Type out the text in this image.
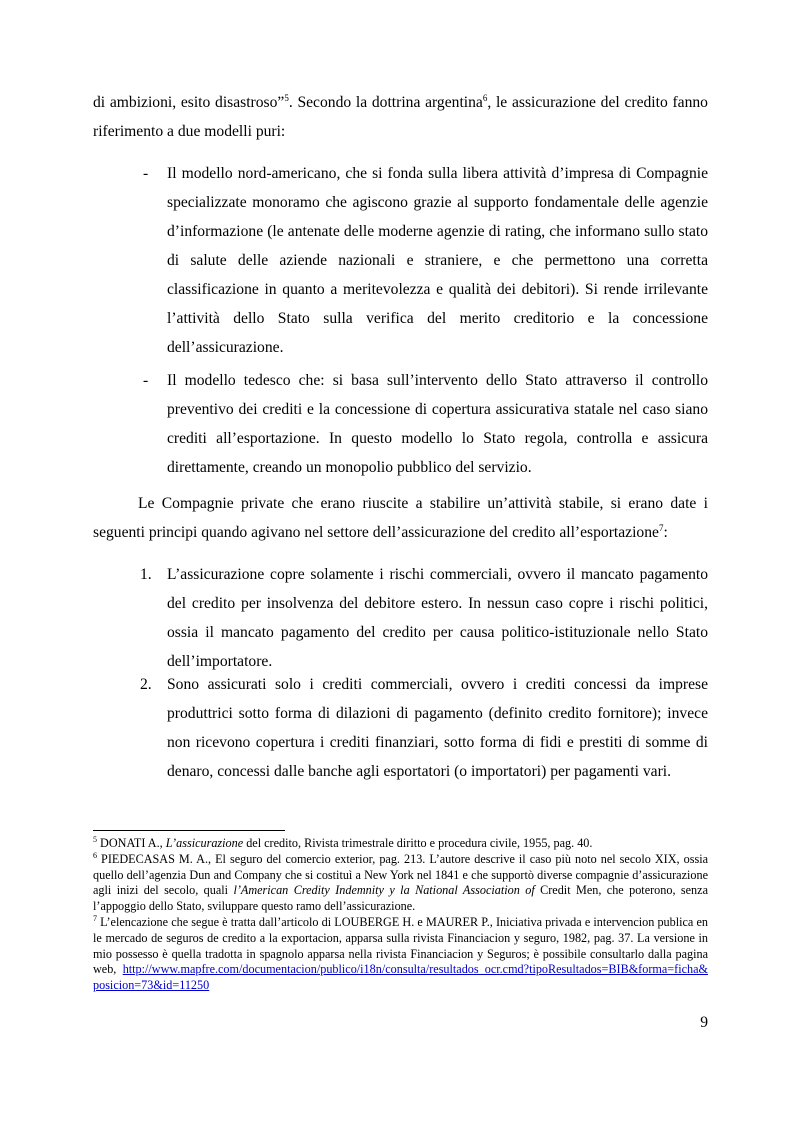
di ambizioni, esito disastroso”$^5$. Secondo la dottrina argentina$^6$, le assicurazione del credito fanno riferimento a due modelli puri:
- Il modello nord-americano, che si fonda sulla libera attività d’impresa di Compagnie specializzate monoramo che agiscono grazie al supporto fondamentale delle agenzie d’informazione (le antenate delle moderne agenzie di rating, che informano sullo stato di salute delle aziende nazionali e straniere, e che permettono una corretta classificazione in quanto a meritevolezza e qualità dei debitori). Si rende irrilevante l’attività dello Stato sulla verifica del merito creditorio e la concessione dell’assicurazione.
- Il modello tedesco che: si basa sull’intervento dello Stato attraverso il controllo preventivo dei crediti e la concessione di copertura assicurativa statale nel caso siano crediti all’esportazione. In questo modello lo Stato regola, controlla e assicura direttamente, creando un monopolio pubblico del servizio.
Le Compagnie private che erano riuscite a stabilire un’attività stabile, si erano date i seguenti principi quando agivano nel settore dell’assicurazione del credito all’esportazione$^7$:
1. L’assicurazione copre solamente i rischi commerciali, ovvero il mancato pagamento del credito per insolvenza del debitore estero. In nessun caso copre i rischi politici, ossia il mancato pagamento del credito per causa politico-istituzionale nello Stato dell’importatore.
2. Sono assicurati solo i crediti commerciali, ovvero i crediti concessi da imprese produttrici sotto forma di dilazioni di pagamento (definito credito fornitore); invece non ricevono copertura i crediti finanziari, sotto forma di fidi e prestiti di somme di denaro, concessi dalle banche agli esportatori (o importatori) per pagamenti vari.

$^5$ DONATI A., L’assicurazione del credito, Rivista trimestrale diritto e procedura civile, 1955, pag. 40.

$^6$ PIEDECASAS M. A., El seguro del comercio exterior, pag. 213. L’autore descrive il caso più noto nel secolo XIX, ossia quello dell’agenzia Dun and Company che si costituì a New York nel 1841 e che supportò diverse compagnie d’assicurazione agli inizi del secolo, quali l’American Credity Indemnity y la National Association of Credit Men, che poterono, senza l’appoggio dello Stato, sviluppare questo ramo dell’assicurazione.

$^7$ L’elencazione che segue è tratta dall’articolo di LOUBERGE H. e MAURER P., Iniciativa privada e intervencion publica en le mercado de seguros de credito a la exportacion, apparsa sulla rivista Financiacion y seguro, 1982, pag. 37. La versione in mio possesso è quella tradotta in spagnolo apparsa nella rivista Financiacion y Seguros; è possibile consultarlo dalla pagina web, http://www.mapfre.com/documentacion/publico/i18n/consulta/resultados_ocr.cmd?tipoResultados=BIB&forma=ficha&posicion=73&id=11250

9
